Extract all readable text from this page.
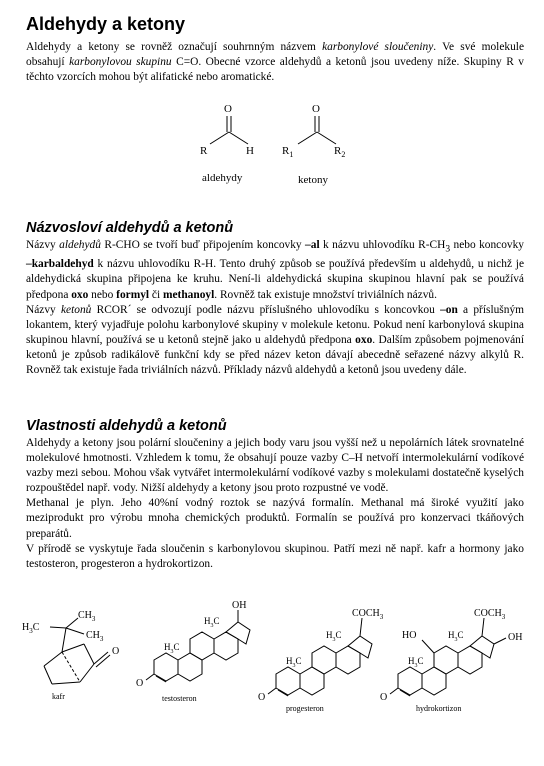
Aldehydy a ketony

Aldehydy a ketony se rovněž označují souhrnným názvem karbonylové sloučeniny. Ve své molekule obsahují karbonylovou skupinu C=O. Obecné vzorce aldehydů a ketonů jsou uvedeny níže. Skupiny R v těchto vzorcích mohou být alifatické nebo aromatické.

O
R	H
aldehydy
O
$R_1$	$R_2$
ketony
Názvosloví aldehydů a ketonů

Názvy aldehydů R-CHO se tvoří buď připojením koncovky –al k názvu uhlovodíku $R-CH_3$ nebo koncovky –karbaldehyd k názvu uhlovodíku R-H. Tento druhý způsob se používá především u aldehydů, u nichž je aldehydická skupina připojena ke kruhu. Není-li aldehydická skupina skupinou hlavní pak se používá předpona oxo nebo formyl či methanoyl. Rovněž tak existuje množství triviálních názvů.

Názvy ketonů RCOR´ se odvozují podle názvu příslušného uhlovodíku s koncovkou –on a příslušným lokantem, který vyjadřuje polohu karbonylové skupiny v molekule ketonu. Pokud není karbonylová skupina skupinou hlavní, používá se u ketonů stejně jako u aldehydů předpona oxo. Dalším způsobem pojmenování ketonů je způsob radikálově funkční kdy se před název keton dávají abecedně seřazené názvy alkylů R. Rovněž tak existuje řada triviálních názvů. Příklady názvů aldehydů a ketonů jsou uvedeny dále.

Vlastnosti aldehydů a ketonů

Aldehydy a ketony jsou polární sloučeniny a jejich body varu jsou vyšší než u nepolárních látek srovnatelné molekulové hmotnosti. Vzhledem k tomu, že obsahují pouze vazby C–H netvoří intermolekulární vodíkové vazby mezi sebou. Mohou však vytvářet intermolekulární vodíkové vazby s molekulami dostatečně kyselých rozpouštědel např. vody. Nižší aldehydy a ketony jsou proto rozpustné ve vodě.

Methanal je plyn. Jeho 40%ní vodný roztok se nazývá formalín. Methanal má široké využití jako meziprodukt pro výrobu mnoha chemických produktů. Formalín se používá pro konzervaci tkáňových preparátů.

V přírodě se vyskytuje řada sloučenin s karbonylovou skupinou. Patří mezi ně např. kafr a hormony jako testosteron, progesteron a hydrokortizon.

$H_3C$
$CH_3$
$CH_3$
O
kafr
O
OH
$H_3C$
$H_3C$
testosteron	O
$COCH_3$
$H_3C$
$H_3C$
progesteron
O
$COCH_3$
HO	OH
$H_3C$
$H_3C$
hydrokortizon
